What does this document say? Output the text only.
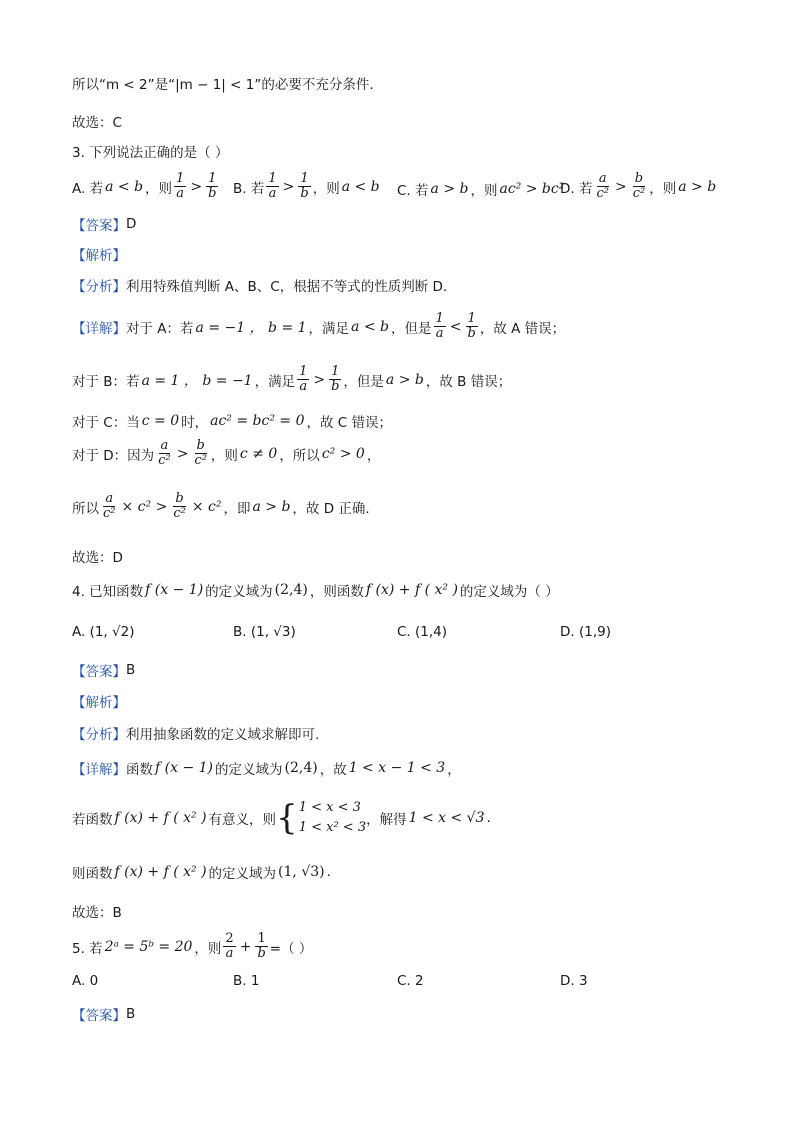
所以“m < 2”是“|m − 1| < 1”的必要不充分条件.
故选：C
3. 下列说法正确的是（ ）
A. 若 a < b ，则 $\frac{1}{a} > \frac{1}{b} B$. 若 $\frac{1}{a} > \frac{1}{b}$ ，则 a < b C. 若 a > b ，则 ac² > bc²
D. 若 $\frac{a}{\text{c²}} > \frac{b}{\text{c²}}$ ，则 a > b
【答案】 D
【解析】
【分析】 利用特殊值判断 A、B、C，根据不等式的性质判断 D.
【详解】 对于 A：若 a = −1 ， b = 1 ，满足 a < b ，但是 $\frac{1}{a} < \frac{1}{b}$ ，故 A 错误；
对于 B：若 a = 1 ， b = −1 ，满足 $\frac{1}{a} > \frac{1}{b}$ ，但是 a > b ，故 B 错误；
对于 C：当 c = 0 时， ac² = bc² = 0 ，故 C 错误；
对于 D：因为 $\frac{a}{\text{c²}} > \frac{b}{\text{c²}}$ ，则 c ≠ 0 ，所以 c² > 0 ，
所以 $\frac{a}{\text{c²}} \times c^2 > \frac{b}{\text{c²}} \times c^2$ ，即 a > b ，故 D 正确.
故选：D
4. 已知函数 f (x − 1) 的定义域为 (2,4) ，则函数 f (x) + f ( x² ) 的定义域为（ ）
A. (1, √2)	B. (1, √3)	C. (1,4)	D. (1,9)
【答案】 B
【解析】
【分析】 利用抽象函数的定义域求解即可.
【详解】 函数 f (x − 1) 的定义域为 (2,4) ，故 1 < x − 1 < 3 ，
若函数 f (x) + f ( x² ) 有意义，则 { 1 < x < 3
1 < x² < 3 ，解得 1 < x < √3 .
则函数 f (x) + f ( x² ) 的定义域为 (1, √3) .
故选：B
5. 若 2ᵃ = 5ᵇ = 20 ，则 $\frac{2}{a} + \frac{1}{b}$ =（ ）
A. 0	B. 1	C. 2	D. 3
【答案】 B
